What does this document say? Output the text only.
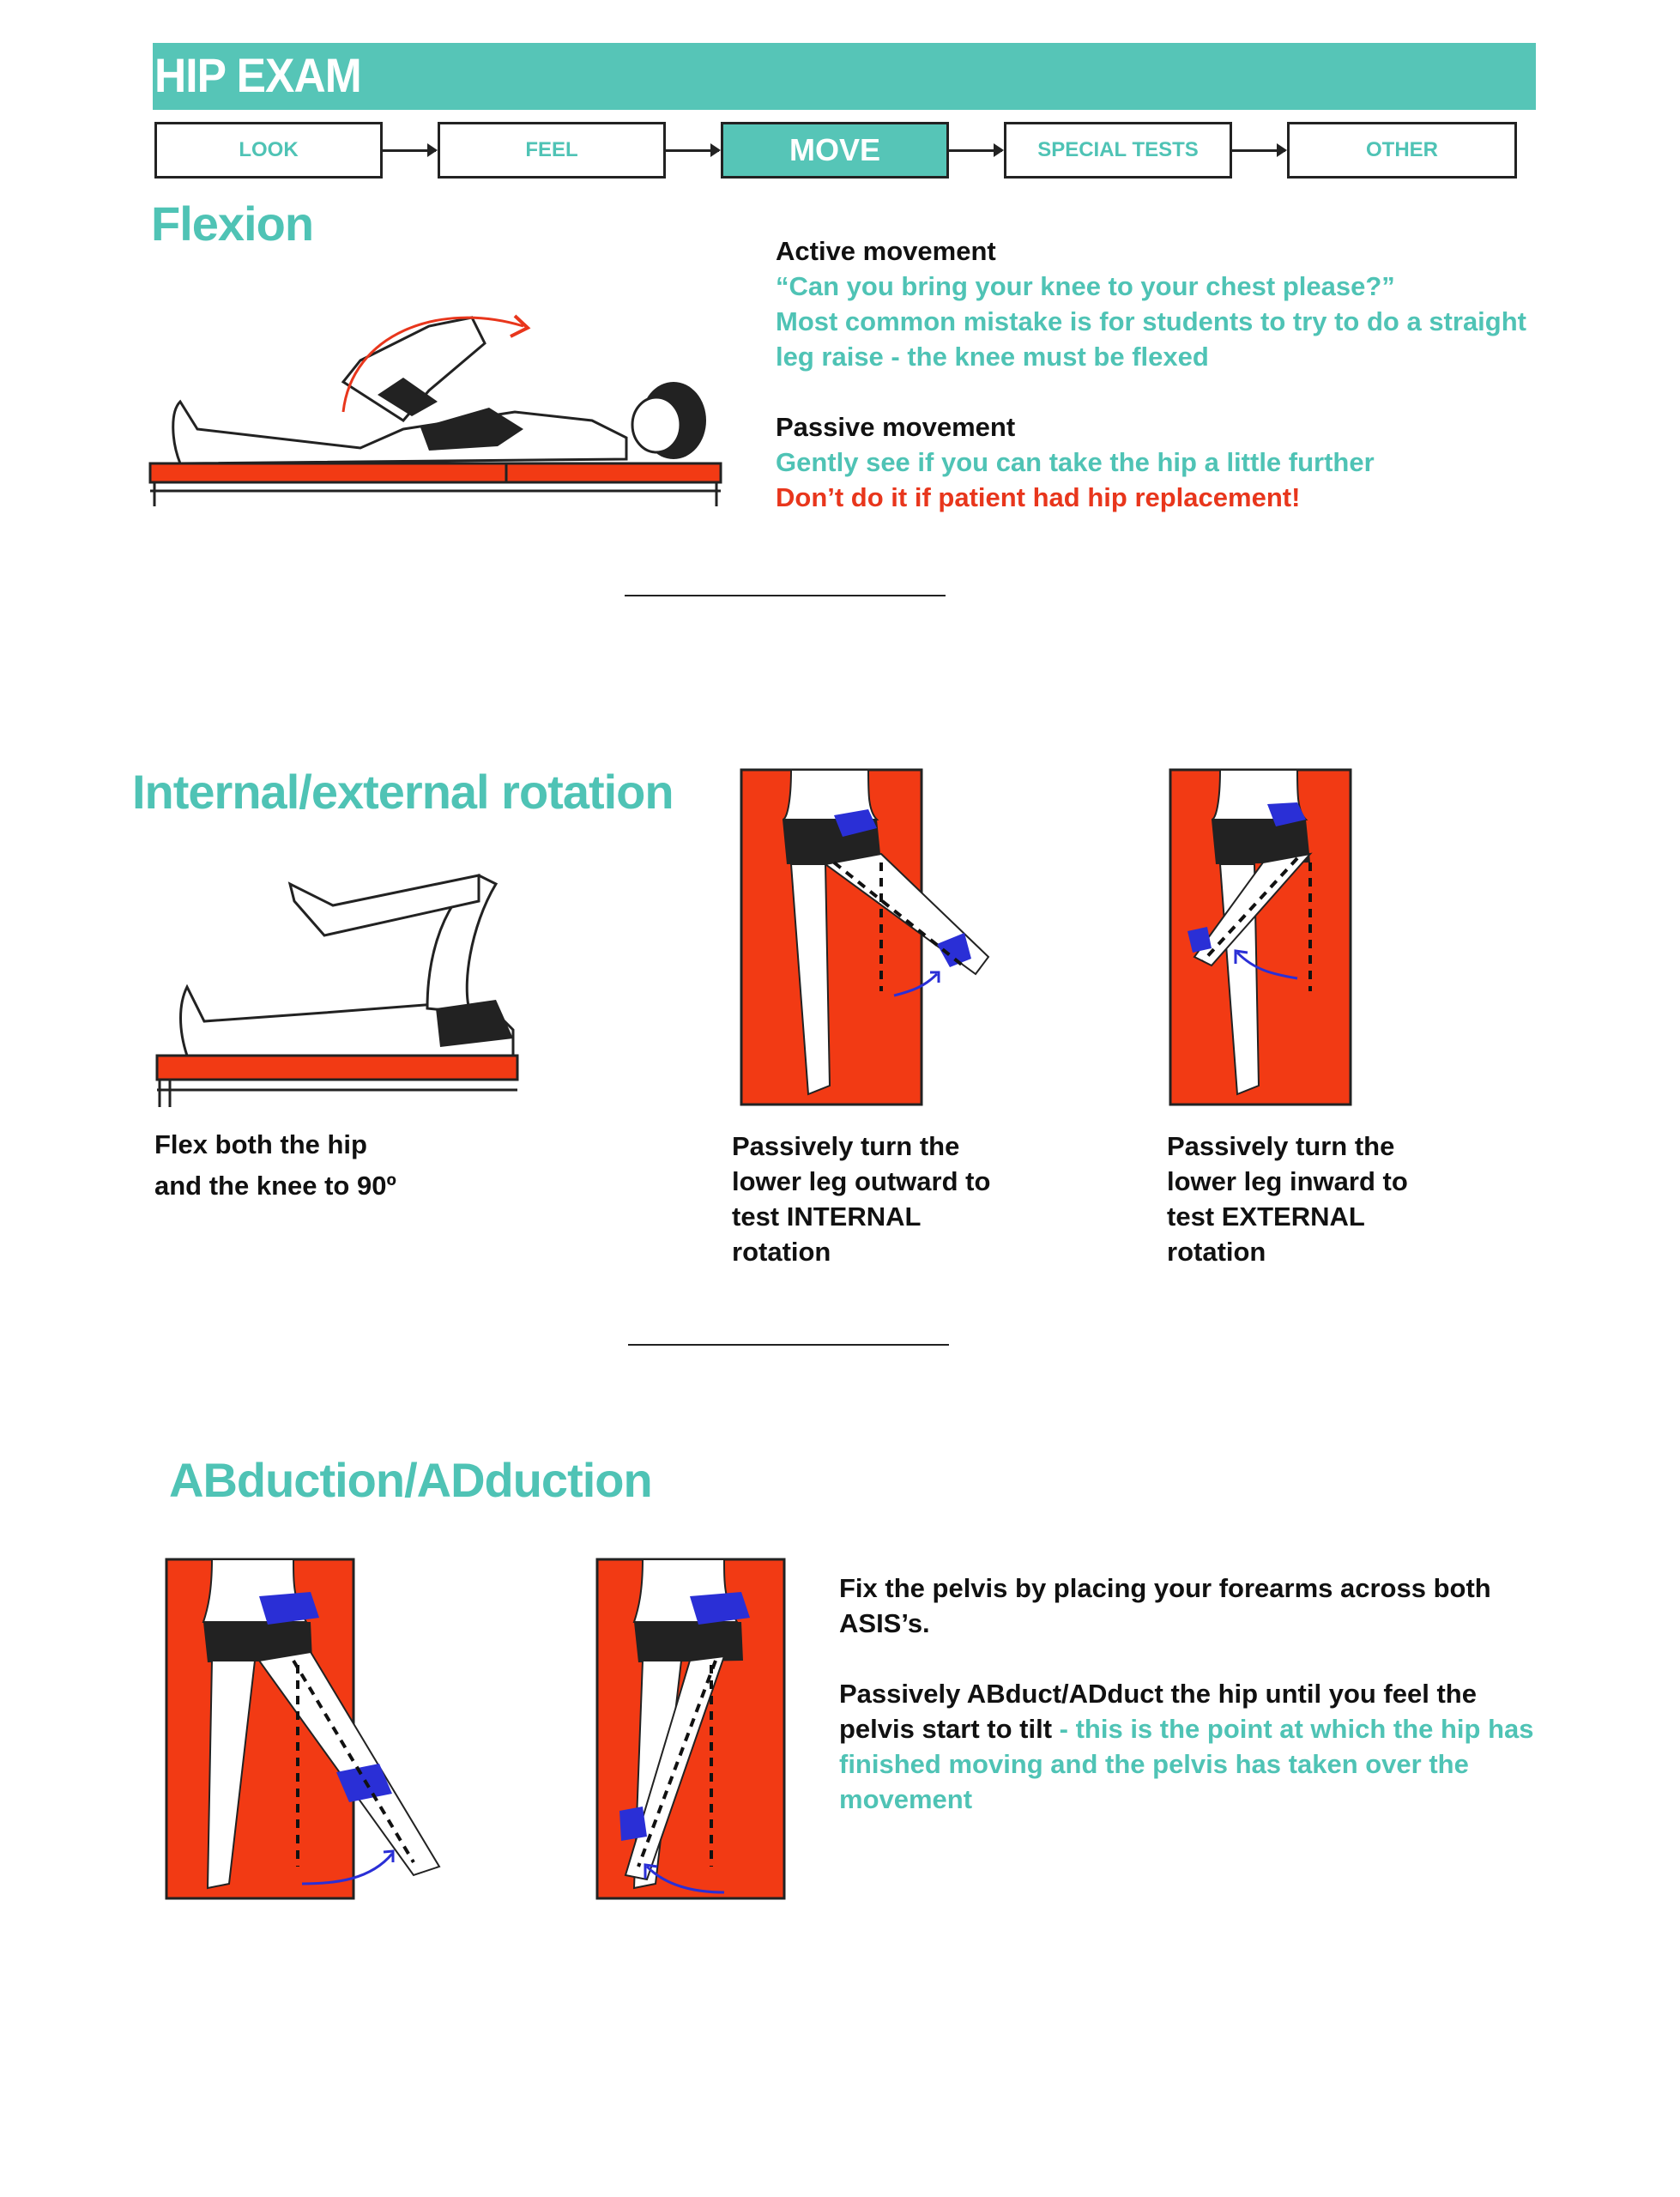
HIP EXAM
LOOK	FEEL	MOVE	SPECIAL TESTS	OTHER
Flexion
Active movement
“Can you bring your knee to your chest please?”
Most common mistake is for students to try to do a straight
leg raise - the knee must be flexed
Passive movement
Gently see if you can take the hip a little further
Don’t do it if patient had hip replacement!
Internal/external rotation
Flex both the hip
and the knee to 90º
Passively turn the
lower leg outward to
test INTERNAL
rotation
Passively turn the
lower leg inward to
test EXTERNAL
rotation
ABduction/ADduction
Fix the pelvis by placing your forearms across both
ASIS’s.
Passively ABduct/ADduct the hip until you feel the
pelvis start to tilt - this is the point at which the hip has
finished moving and the pelvis has taken over the
movement
